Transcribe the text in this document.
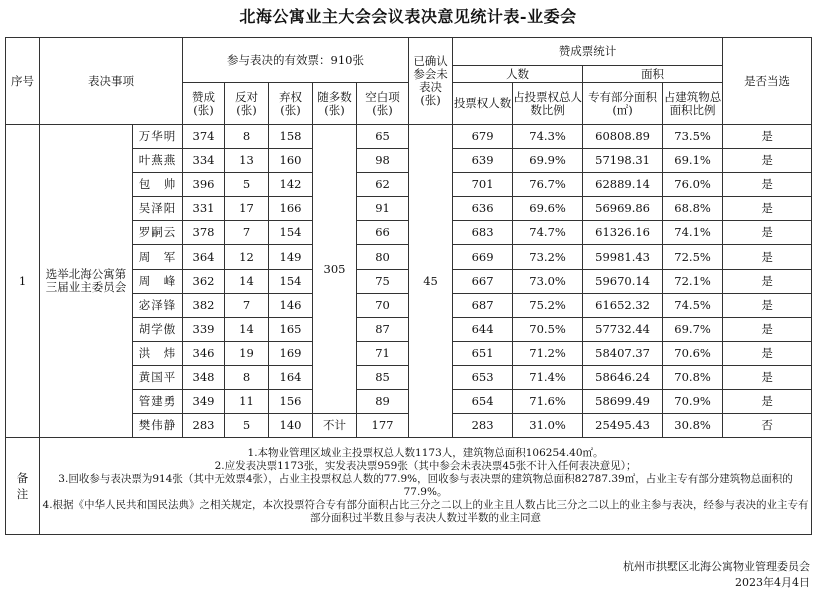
北海公寓业主大会会议表决意见统计表-业委会
序号	表决事项		参与表决的有效票：910张					已确认参会未表决(张)	赞成票统计				是否当选
									人数		面积		
			赞成(张)	反对(张)	弃权(张)	随多数(张)	空白项(张)		投票权人数	占投票权总人数比例	专有部分面积(㎡)	占建筑物总面积比例	
1	选举北海公寓第三届业主委员会	万华明	374	8	158	305	65	45	679	74.3%	60808.89	73.5%	是
		叶燕燕	334	13	160		98		639	69.9%	57198.31	69.1%	是
		包　帅	396	5	142		62		701	76.7%	62889.14	76.0%	是
		吴泽阳	331	17	166		91		636	69.6%	56969.86	68.8%	是
		罗嗣云	378	7	154		66		683	74.7%	61326.16	74.1%	是
		周　军	364	12	149		80		669	73.2%	59981.43	72.5%	是
		周　峰	362	14	154		75		667	73.0%	59670.14	72.1%	是
		宓泽锋	382	7	146		70		687	75.2%	61652.32	74.5%	是
		胡学傲	339	14	165		87		644	70.5%	57732.44	69.7%	是
		洪　炜	346	19	169		71		651	71.2%	58407.37	70.6%	是
		黄国平	348	8	164		85		653	71.4%	58646.24	70.8%	是
		管建勇	349	11	156		89		654	71.6%	58699.49	70.9%	是
		樊伟静	283	5	140	不计	177		283	31.0%	25495.43	30.8%	否
备注	1.本物业管理区域业主投票权总人数1173人，建筑物总面积106254.40㎡。
2.应发表决票1173张，实发表决票959张（其中参会未表决票45张不计入任何表决意见）；
3.回收参与表决票为914张（其中无效票4张），占业主投票权总人数的77.9%，回收参与表决票的建筑物总面积82787.39㎡，占业主专有部分建筑物总面积的77.9%。
4.根据《中华人民共和国民法典》之相关规定，本次投票符合专有部分面积占比三分之二以上的业主且人数占比三分之二以上的业主参与表决，经参与表决的业主专有部分面积过半数且参与表决人数过半数的业主同意												
杭州市拱墅区北海公寓物业管理委员会
2023年4月4日
